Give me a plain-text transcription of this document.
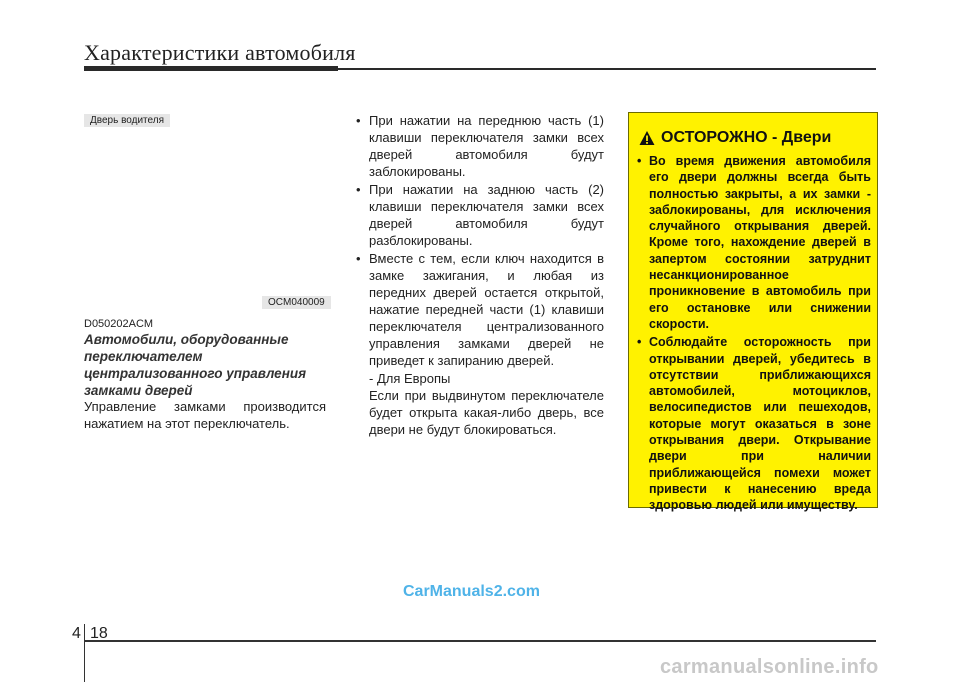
Характеристики автомобиля
Дверь водителя
OCM040009
D050202ACM
Автомобили, оборудованные переключателем централизованного управления замками дверей
Управление замками производится нажатием на этот переключатель.
• При нажатии на переднюю часть (1) клавиши переключателя замки всех дверей автомобиля будут заблокированы.
• При нажатии на заднюю часть (2) клавиши переключателя замки всех дверей автомобиля будут разблокированы.
• Вместе с тем, если ключ находится в замке зажигания, и любая из передних дверей остается открытой, нажатие передней части (1) клавиши переключателя централизованного управления замками дверей не приведет к запиранию дверей.
- Для Европы
Если при выдвинутом переключателе будет открыта какая-либо дверь, все двери не будут блокироваться.
ОСТОРОЖНО - Двери
• Во время движения автомобиля его двери должны всегда быть полностью закрыты, а их замки - заблокированы, для исключения случайного открывания дверей. Кроме того, нахождение дверей в запертом состоянии затруднит несанкционированное проникновение в автомобиль при его остановке или снижении скорости.
• Соблюдайте осторожность при открывании дверей, убедитесь в отсутствии приближающихся автомобилей, мотоциклов, велосипедистов или пешеходов, которые могут оказаться в зоне открывания двери. Открывание двери при наличии приближающейся помехи может привести к нанесению вреда здоровью людей или имуществу.
CarManuals2.com
4 18
carmanualsonline.info
